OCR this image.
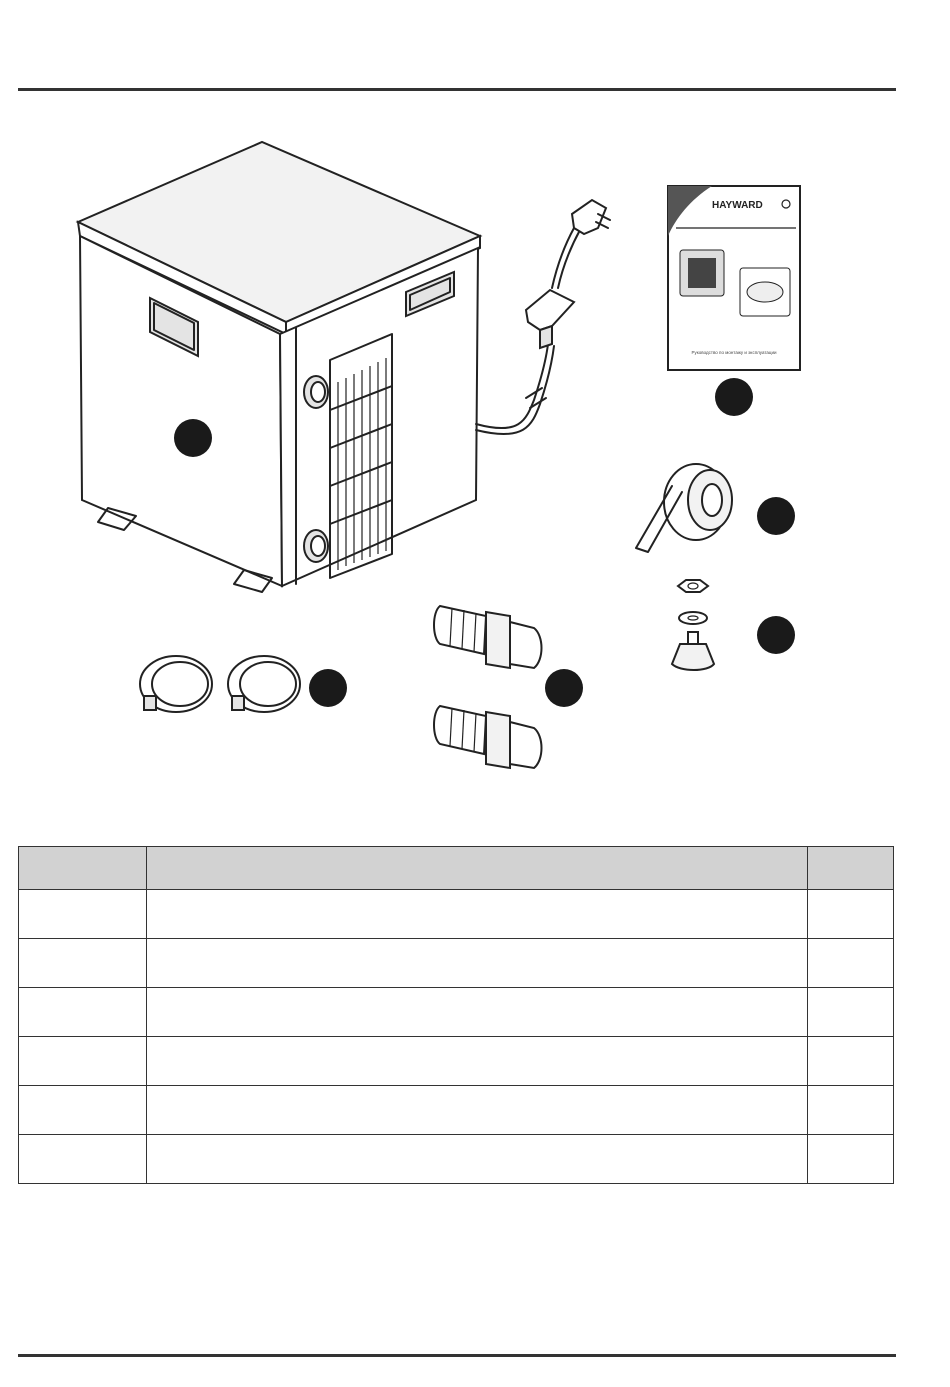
HAYWARD
Руководство по монтажу и эксплуатации
